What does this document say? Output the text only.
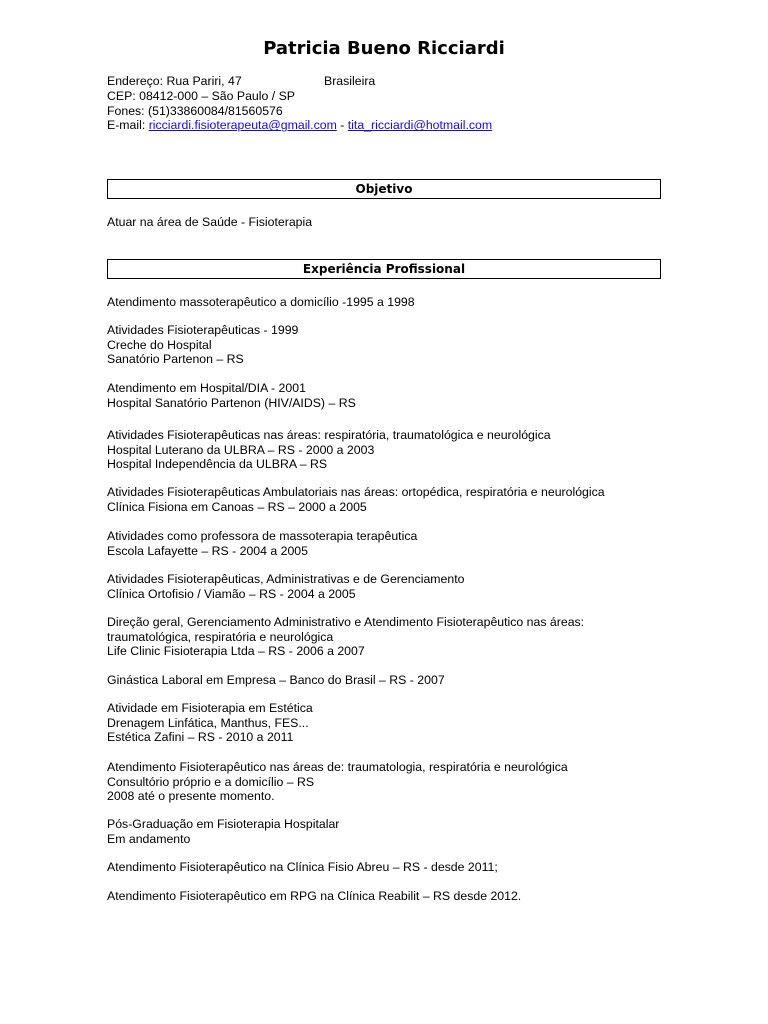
Patricia Bueno Ricciardi
Endereço: Rua Pariri, 47	Brasileira
CEP: 08412-000 – São Paulo / SP
Fones: (51)33860084/81560576
E-mail: ricciardi.fisioterapeuta@gmail.com - tita_ricciardi@hotmail.com
Objetivo
Atuar na área de Saúde - Fisioterapia
Experiência Profissional
Atendimento massoterapêutico a domicílio -1995 a 1998
Atividades Fisioterapêuticas - 1999
Creche do Hospital
Sanatório Partenon – RS
Atendimento em Hospital/DIA - 2001
Hospital Sanatório Partenon (HIV/AIDS) – RS
Atividades Fisioterapêuticas nas áreas: respiratória, traumatológica e neurológica
Hospital Luterano da ULBRA – RS - 2000 a 2003
Hospital Independência da ULBRA – RS
Atividades Fisioterapêuticas Ambulatoriais nas áreas: ortopédica, respiratória e neurológica
Clínica Fisiona em Canoas – RS – 2000 a 2005
Atividades como professora de massoterapia terapêutica
Escola Lafayette – RS - 2004 a 2005
Atividades Fisioterapêuticas, Administrativas e de Gerenciamento
Clínica Ortofisio / Viamão – RS - 2004 a 2005
Direção geral, Gerenciamento Administrativo e Atendimento Fisioterapêutico nas áreas:
traumatológica, respiratória e neurológica
Life Clinic Fisioterapia Ltda – RS - 2006 a 2007
Ginástica Laboral em Empresa – Banco do Brasil – RS - 2007
Atividade em Fisioterapia em Estética
Drenagem Linfática, Manthus, FES...
Estética Zafini – RS - 2010 a 2011
Atendimento Fisioterapêutico nas áreas de: traumatologia, respiratória e neurológica
Consultório próprio e a domicílio – RS
2008 até o presente momento.
Pós-Graduação em Fisioterapia Hospitalar
Em andamento
Atendimento Fisioterapêutico na Clínica Fisio Abreu – RS - desde 2011;
Atendimento Fisioterapêutico em RPG na Clínica Reabilit – RS desde 2012.
